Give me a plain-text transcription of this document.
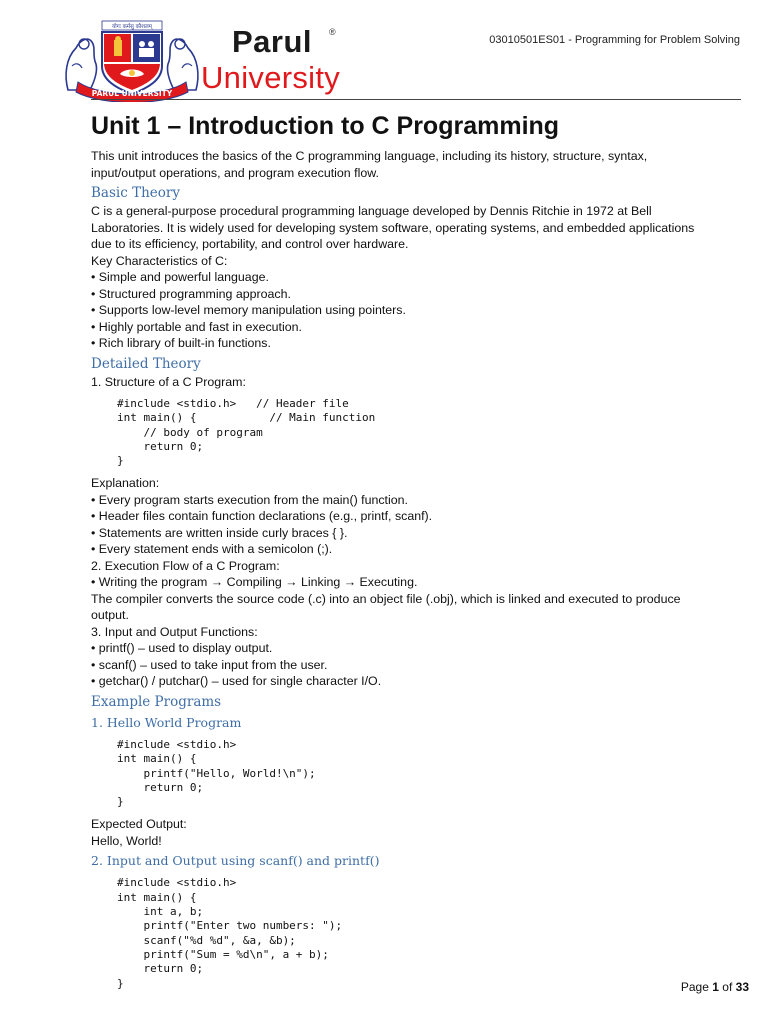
योगः कर्मसु कौशलम्
PARUL UNIVERSITY
Parul ®
University
03010501ES01 - Programming for Problem Solving
Unit 1 – Introduction to C Programming

This unit introduces the basics of the C programming language, including its history, structure, syntax,

input/output operations, and program execution flow.

Basic Theory

C is a general-purpose procedural programming language developed by Dennis Ritchie in 1972 at Bell

Laboratories. It is widely used for developing system software, operating systems, and embedded applications

due to its efficiency, portability, and control over hardware.

Key Characteristics of C:

• Simple and powerful language.

• Structured programming approach.

• Supports low-level memory manipulation using pointers.

• Highly portable and fast in execution.

• Rich library of built-in functions.

Detailed Theory

1. Structure of a C Program:

#include <stdio.h>   // Header file
int main() {           // Main function
// body of program
return 0;
}

Explanation:

• Every program starts execution from the main() function.

• Header files contain function declarations (e.g., printf, scanf).

• Statements are written inside curly braces { }.

• Every statement ends with a semicolon (;).

2. Execution Flow of a C Program:

• Writing the program → Compiling → Linking → Executing.

The compiler converts the source code (.c) into an object file (.obj), which is linked and executed to produce

output.

3. Input and Output Functions:

• printf() – used to display output.

• scanf() – used to take input from the user.

• getchar() / putchar() – used for single character I/O.

Example Programs
1. Hello World Program
#include <stdio.h>
int main() {
printf("Hello, World!\n");
return 0;
}

Expected Output:

Hello, World!

2. Input and Output using scanf() and printf()
#include <stdio.h>
int main() {
int a, b;
printf("Enter two numbers: ");
scanf("%d %d", &a, &b);
printf("Sum = %d\n", a + b);
return 0;
}	Page 1 of 33
